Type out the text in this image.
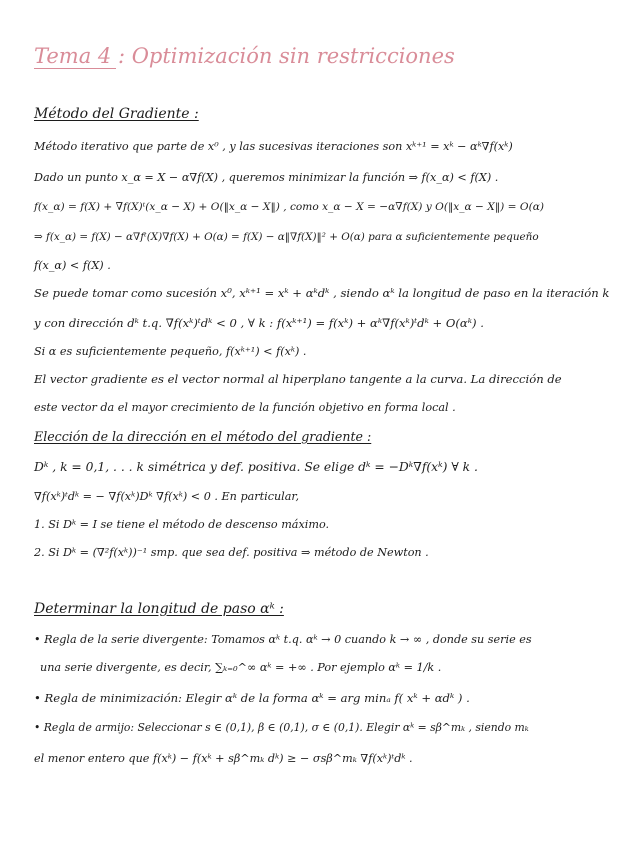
Tema 4 : Optimización sin restricciones
Método del Gradiente :
Método iterativo que parte de x⁰ , y las sucesivas iteraciones son xᵏ⁺¹ = xᵏ − αᵏ∇f(xᵏ)
Dado un punto x_α = X − α∇f(X) , queremos minimizar la función ⇒ f(x_α) < f(X) .
f(x_α) = f(X) + ∇f(X)ᵗ(x_α − X) + O(‖x_α − X‖) , como x_α − X = −α∇f(X) y O(‖x_α − X‖) = O(α)
⇒ f(x_α) = f(X) − α∇fᵗ(X)∇f(X) + O(α) = f(X) − α‖∇f(X)‖² + O(α) para α suficientemente pequeño
f(x_α) < f(X) .
Se puede tomar como sucesión x⁰, xᵏ⁺¹ = xᵏ + αᵏdᵏ , siendo αᵏ la longitud de paso en la iteración k
y con dirección dᵏ t.q. ∇f(xᵏ)ᵗdᵏ < 0 , ∀ k : f(xᵏ⁺¹) = f(xᵏ) + αᵏ∇f(xᵏ)ᵗdᵏ + O(αᵏ) .
Si α es suficientemente pequeño, f(xᵏ⁺¹) < f(xᵏ) .
El vector gradiente es el vector normal al hiperplano tangente a la curva. La dirección de
este vector da el mayor crecimiento de la función objetivo en forma local .
Elección de la dirección en el método del gradiente :
Dᵏ , k = 0,1, . . . k simétrica y def. positiva. Se elige dᵏ = −Dᵏ∇f(xᵏ) ∀ k .
∇f(xᵏ)ᵗdᵏ = − ∇f(xᵏ)Dᵏ ∇f(xᵏ) < 0 . En particular,
1. Si Dᵏ = I se tiene el método de descenso máximo.
2. Si Dᵏ = (∇²f(xᵏ))⁻¹ smp. que sea def. positiva ⇒ método de Newton .
Determinar la longitud de paso αᵏ :
• Regla de la serie divergente: Tomamos αᵏ t.q. αᵏ → 0 cuando k → ∞ , donde su serie es
una serie divergente, es decir, ∑ₖ₌₀^∞ αᵏ = +∞ . Por ejemplo αᵏ = 1/k .
• Regla de minimización: Elegir αᵏ de la forma αᵏ = arg minₐ f( xᵏ + αdᵏ ) .
• Regla de armijo: Seleccionar s ∈ (0,1), β ∈ (0,1), σ ∈ (0,1). Elegir αᵏ = sβ^mₖ , siendo mₖ
el menor entero que f(xᵏ) − f(xᵏ + sβ^mₖ dᵏ) ≥ − σsβ^mₖ ∇f(xᵏ)ᵗdᵏ .
